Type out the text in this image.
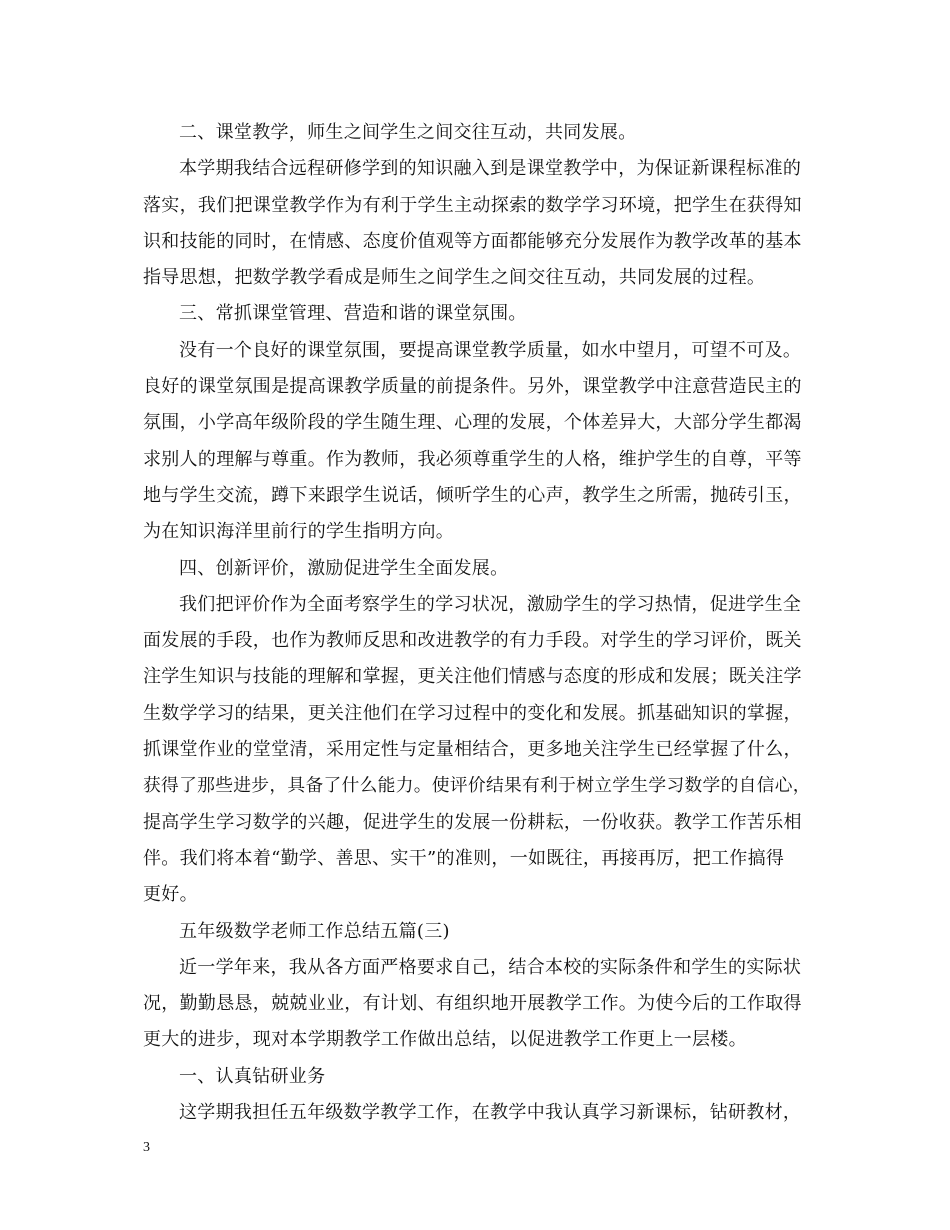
二、课堂教学，师生之间学生之间交往互动，共同发展。
本学期我结合远程研修学到的知识融入到是课堂教学中，为保证新课程标准的
落实，我们把课堂教学作为有利于学生主动探索的数学学习环境，把学生在获得知
识和技能的同时，在情感、态度价值观等方面都能够充分发展作为教学改革的基本
指导思想，把数学教学看成是师生之间学生之间交往互动，共同发展的过程。
三、常抓课堂管理、营造和谐的课堂氛围。
没有一个良好的课堂氛围，要提高课堂教学质量，如水中望月，可望不可及。
良好的课堂氛围是提高课教学质量的前提条件。另外，课堂教学中注意营造民主的
氛围，小学高年级阶段的学生随生理、心理的发展，个体差异大，大部分学生都渴
求别人的理解与尊重。作为教师，我必须尊重学生的人格，维护学生的自尊，平等
地与学生交流，蹲下来跟学生说话，倾听学生的心声，教学生之所需，抛砖引玉，
为在知识海洋里前行的学生指明方向。
四、创新评价，激励促进学生全面发展。
我们把评价作为全面考察学生的学习状况，激励学生的学习热情，促进学生全
面发展的手段，也作为教师反思和改进教学的有力手段。对学生的学习评价，既关
注学生知识与技能的理解和掌握，更关注他们情感与态度的形成和发展；既关注学
生数学学习的结果，更关注他们在学习过程中的变化和发展。抓基础知识的掌握，
抓课堂作业的堂堂清，采用定性与定量相结合，更多地关注学生已经掌握了什么，
获得了那些进步，具备了什么能力。使评价结果有利于树立学生学习数学的自信心，
提高学生学习数学的兴趣，促进学生的发展一份耕耘，一份收获。教学工作苦乐相
伴。我们将本着“勤学、善思、实干”的准则，一如既往，再接再厉，把工作搞得
更好。
五年级数学老师工作总结五篇(三)
近一学年来，我从各方面严格要求自己，结合本校的实际条件和学生的实际状
况，勤勤恳恳，兢兢业业，有计划、有组织地开展教学工作。为使今后的工作取得
更大的进步，现对本学期教学工作做出总结，以促进教学工作更上一层楼。
一、认真钻研业务
这学期我担任五年级数学教学工作，在教学中我认真学习新课标，钻研教材，
3
